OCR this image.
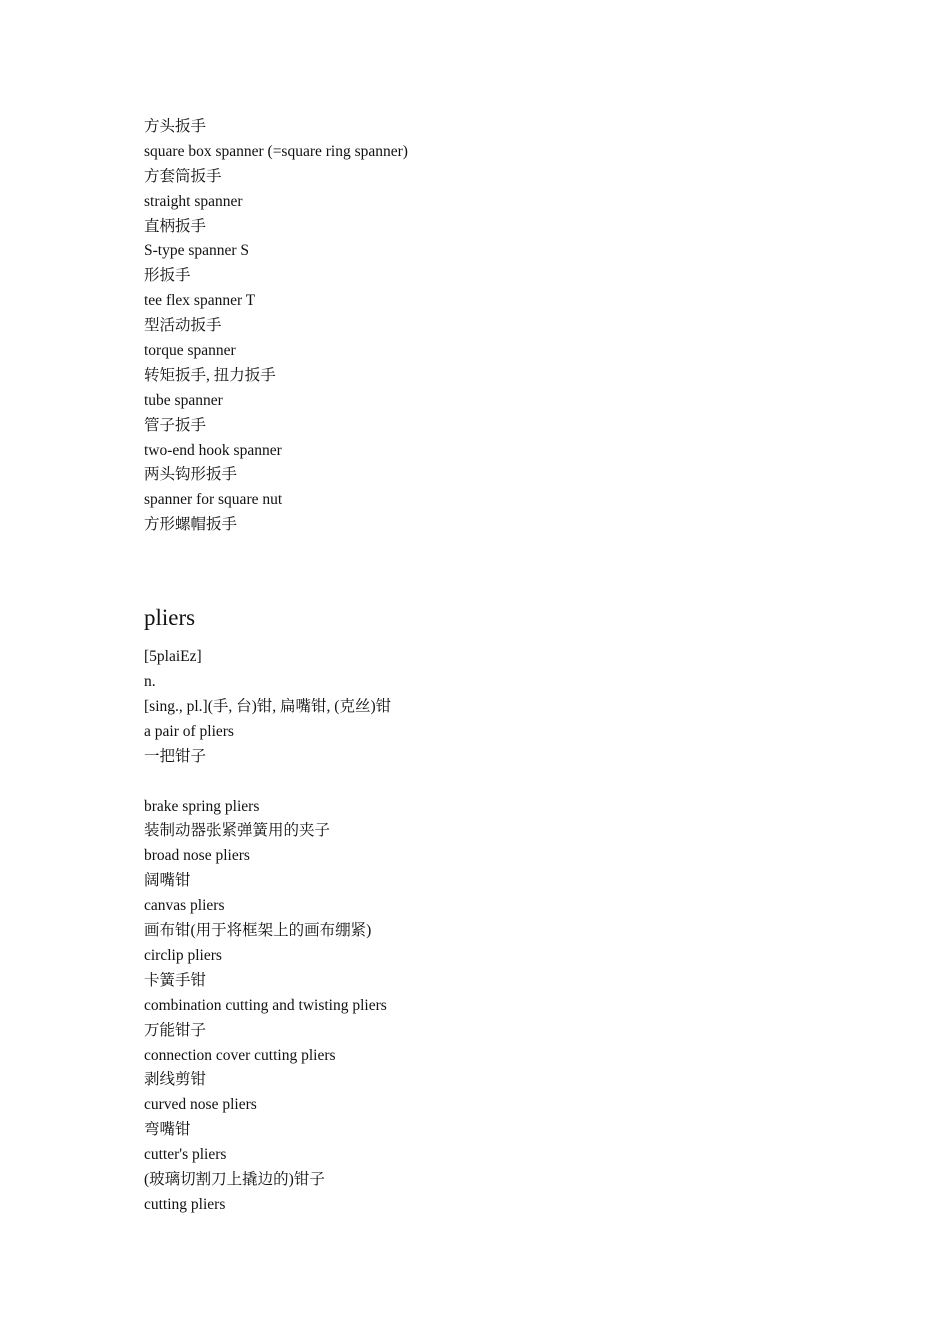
方头扳手
square box spanner (=square ring spanner)
方套筒扳手
straight spanner
直柄扳手
S-type spanner S
形扳手
tee flex spanner T
型活动扳手
torque spanner
转矩扳手, 扭力扳手
tube spanner
管子扳手
two-end hook spanner
两头钩形扳手
spanner for square nut
方形螺帽扳手
pliers
[5plaiEz]
n.
[sing., pl.](手, 台)钳, 扁嘴钳, (克丝)钳
a pair of pliers
一把钳子
brake spring pliers
装制动器张紧弹簧用的夹子
broad nose pliers
阔嘴钳
canvas pliers
画布钳(用于将框架上的画布绷紧)
circlip pliers
卡簧手钳
combination cutting and twisting pliers
万能钳子
connection cover cutting pliers
剥线剪钳
curved nose pliers
弯嘴钳
cutter's pliers
(玻璃切割刀上撬边的)钳子
cutting pliers
